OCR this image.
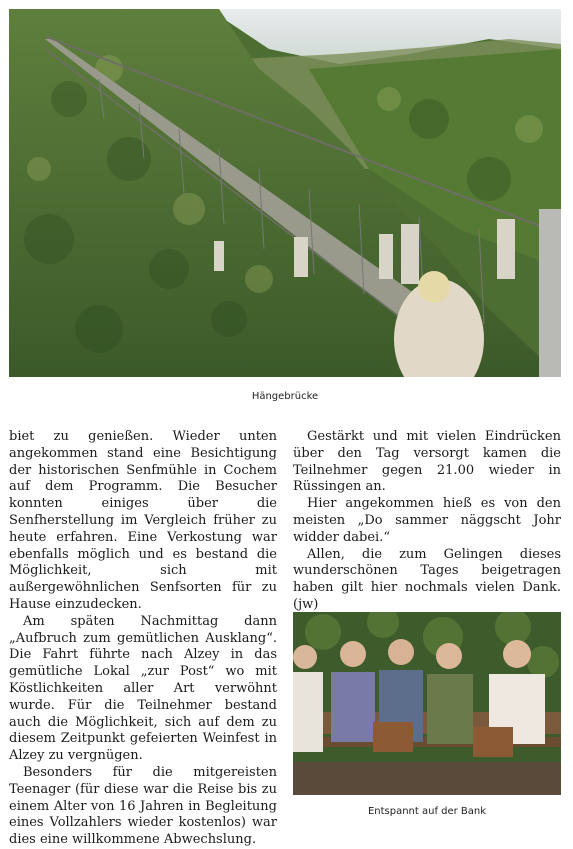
Hängebrücke

biet zu genießen. Wieder unten angekommen stand eine Besichtigung der historischen Senfmühle in Cochem auf dem Programm. Die Besucher konnten einiges über die Senfherstellung im Vergleich früher zu heute erfahren. Eine Verkostung war ebenfalls möglich und es bestand die Möglichkeit, sich mit außergewöhnlichen Senfsorten für zu Hause einzudecken.

Am späten Nachmittag dann „Aufbruch zum gemütlichen Ausklang“. Die Fahrt führte nach Alzey in das gemütliche Lokal „zur Post“ wo mit Köstlichkeiten aller Art verwöhnt wurde. Für die Teilnehmer bestand auch die Möglichkeit, sich auf dem zu diesem Zeitpunkt gefeierten Weinfest in Alzey zu vergnügen.

Besonders für die mitgereisten Teenager (für diese war die Reise bis zu einem Alter von 16 Jahren in Begleitung eines Vollzahlers wieder kostenlos) war dies eine willkommene Abwechslung.

Gestärkt und mit vielen Eindrücken über den Tag versorgt kamen die Teilnehmer gegen 21.00 wieder in Rüssingen an.

Hier angekommen hieß es von den meisten „Do sammer näggscht Johr widder dabei.“

Allen, die zum Gelingen dieses wunderschönen Tages beigetragen haben gilt hier nochmals vielen Dank. (jw)

Entspannt auf der Bank
